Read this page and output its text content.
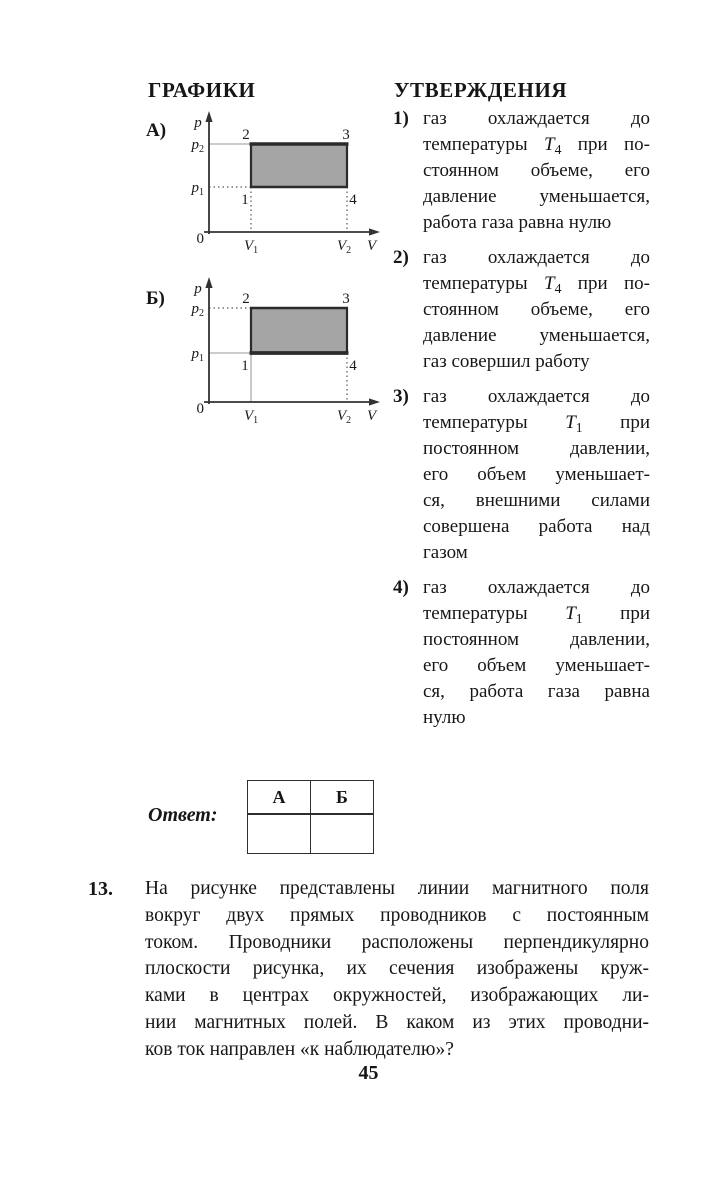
ГРАФИКИ	УТВЕРЖДЕНИЯ
А) p
V
0
$p_2$
$p_1$
$V_1$	$V_2$
2	3
1	4
Б) p
V
0
$p_2$
$p_1$
$V_1$	$V_2$
2	3
1	4
1) газ охлаждается до
температуры $T_4$ при по-
стоянном объеме, его
давление уменьшается,
работа газа равна нулю
2) газ охлаждается до
температуры $T_4$ при по-
стоянном объеме, его
давление уменьшается,
газ совершил работу
3) газ охлаждается до
температуры $T_1$ при
постоянном давлении,
его объем уменьшает-
ся, внешними силами
совершена работа над
газом
4) газ охлаждается до
температуры $T_1$ при
постоянном давлении,
его объем уменьшает-
ся, работа газа равна
нулю
Ответ:
А	Б

13. На рисунке представлены линии магнитного поля
вокруг двух прямых проводников с постоянным
током. Проводники расположены перпендикулярно
плоскости рисунка, их сечения изображены круж-
ками в центрах окружностей, изображающих ли-
нии магнитных полей. В каком из этих проводни-
ков ток направлен «к наблюдателю»?
45
